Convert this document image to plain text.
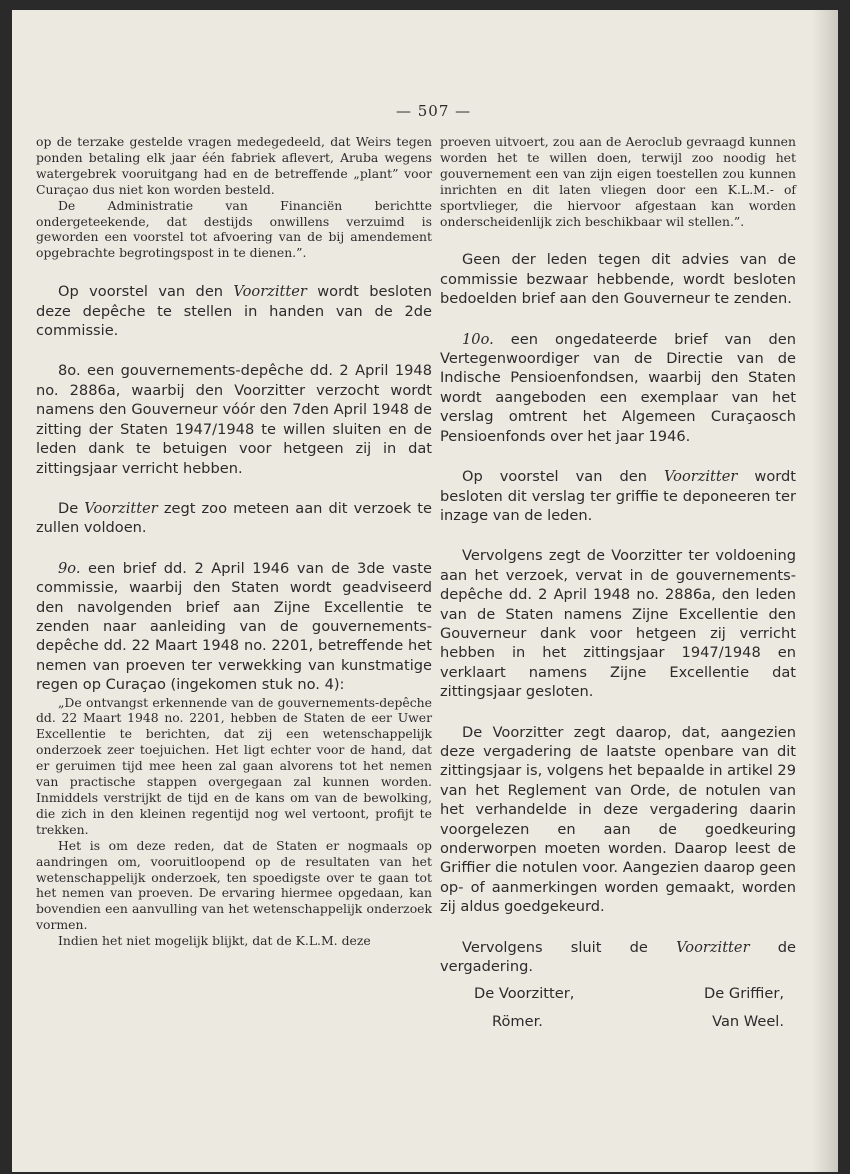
— 507 —

op de terzake gestelde vragen medegedeeld, dat Weirs tegen ponden betaling elk jaar één fabriek aflevert, Aruba wegens watergebrek vooruitgang had en de betreffende „plant” voor Curaçao dus niet kon worden besteld.

De Administratie van Financiën berichtte ondergeteekende, dat destijds onwillens verzuimd is geworden een voorstel tot afvoering van de bij amendement opgebrachte begrotingspost in te dienen.”.

Op voorstel van den Voorzitter wordt besloten deze depêche te stellen in handen van de 2de commissie.

8o. een gouvernements-depêche dd. 2 April 1948 no. 2886a, waarbij den Voorzitter verzocht wordt namens den Gouverneur vóór den 7den April 1948 de zitting der Staten 1947/1948 te willen sluiten en de leden dank te betuigen voor hetgeen zij in dat zittingsjaar verricht hebben.

De Voorzitter zegt zoo meteen aan dit verzoek te zullen voldoen.

9o. een brief dd. 2 April 1946 van de 3de vaste commissie, waarbij den Staten wordt geadviseerd den navolgenden brief aan Zijne Excellentie te zenden naar aanleiding van de gouvernements-depêche dd. 22 Maart 1948 no. 2201, betreffende het nemen van proeven ter verwekking van kunstmatige regen op Curaçao (ingekomen stuk no. 4):

„De ontvangst erkennende van de gouvernements-depêche dd. 22 Maart 1948 no. 2201, hebben de Staten de eer Uwer Excellentie te berichten, dat zij een wetenschappelijk onderzoek zeer toejuichen. Het ligt echter voor de hand, dat er geruimen tijd mee heen zal gaan alvorens tot het nemen van practische stappen overgegaan zal kunnen worden. Inmiddels verstrijkt de tijd en de kans om van de bewolking, die zich in den kleinen regentijd nog wel vertoont, profijt te trekken.

Het is om deze reden, dat de Staten er nogmaals op aandringen om, vooruitloopend op de resultaten van het wetenschappelijk onderzoek, ten spoedigste over te gaan tot het nemen van proeven. De ervaring hiermee opgedaan, kan bovendien een aanvulling van het wetenschappelijk onderzoek vormen.

Indien het niet mogelijk blijkt, dat de K.L.M. deze

proeven uitvoert, zou aan de Aeroclub gevraagd kunnen worden het te willen doen, terwijl zoo noodig het gouvernement een van zijn eigen toestellen zou kunnen inrichten en dit laten vliegen door een K.L.M.- of sportvlieger, die hiervoor afgestaan kan worden onderscheidenlijk zich beschikbaar wil stellen.”.

Geen der leden tegen dit advies van de commissie bezwaar hebbende, wordt besloten bedoelden brief aan den Gouverneur te zenden.

10o. een ongedateerde brief van den Vertegenwoordiger van de Directie van de Indische Pensioenfondsen, waarbij den Staten wordt aangeboden een exemplaar van het verslag omtrent het Algemeen Curaçaosch Pensioenfonds over het jaar 1946.

Op voorstel van den Voorzitter wordt besloten dit verslag ter griffie te deponeeren ter inzage van de leden.

Vervolgens zegt de Voorzitter ter voldoening aan het verzoek, vervat in de gouvernements-depêche dd. 2 April 1948 no. 2886a, den leden van de Staten namens Zijne Excellentie den Gouverneur dank voor hetgeen zij verricht hebben in het zittingsjaar 1947/1948 en verklaart namens Zijne Excellentie dat zittingsjaar gesloten.

De Voorzitter zegt daarop, dat, aangezien deze vergadering de laatste openbare van dit zittingsjaar is, volgens het bepaalde in artikel 29 van het Reglement van Orde, de notulen van het verhandelde in deze vergadering daarin voorgelezen en aan de goedkeuring onderworpen moeten worden. Daarop leest de Griffier die notulen voor. Aangezien daarop geen op- of aanmerkingen worden gemaakt, worden zij aldus goedgekeurd.

Vervolgens sluit de Voorzitter de vergadering.

De Voorzitter,	De Griffier,
Römer.	Van Weel.
